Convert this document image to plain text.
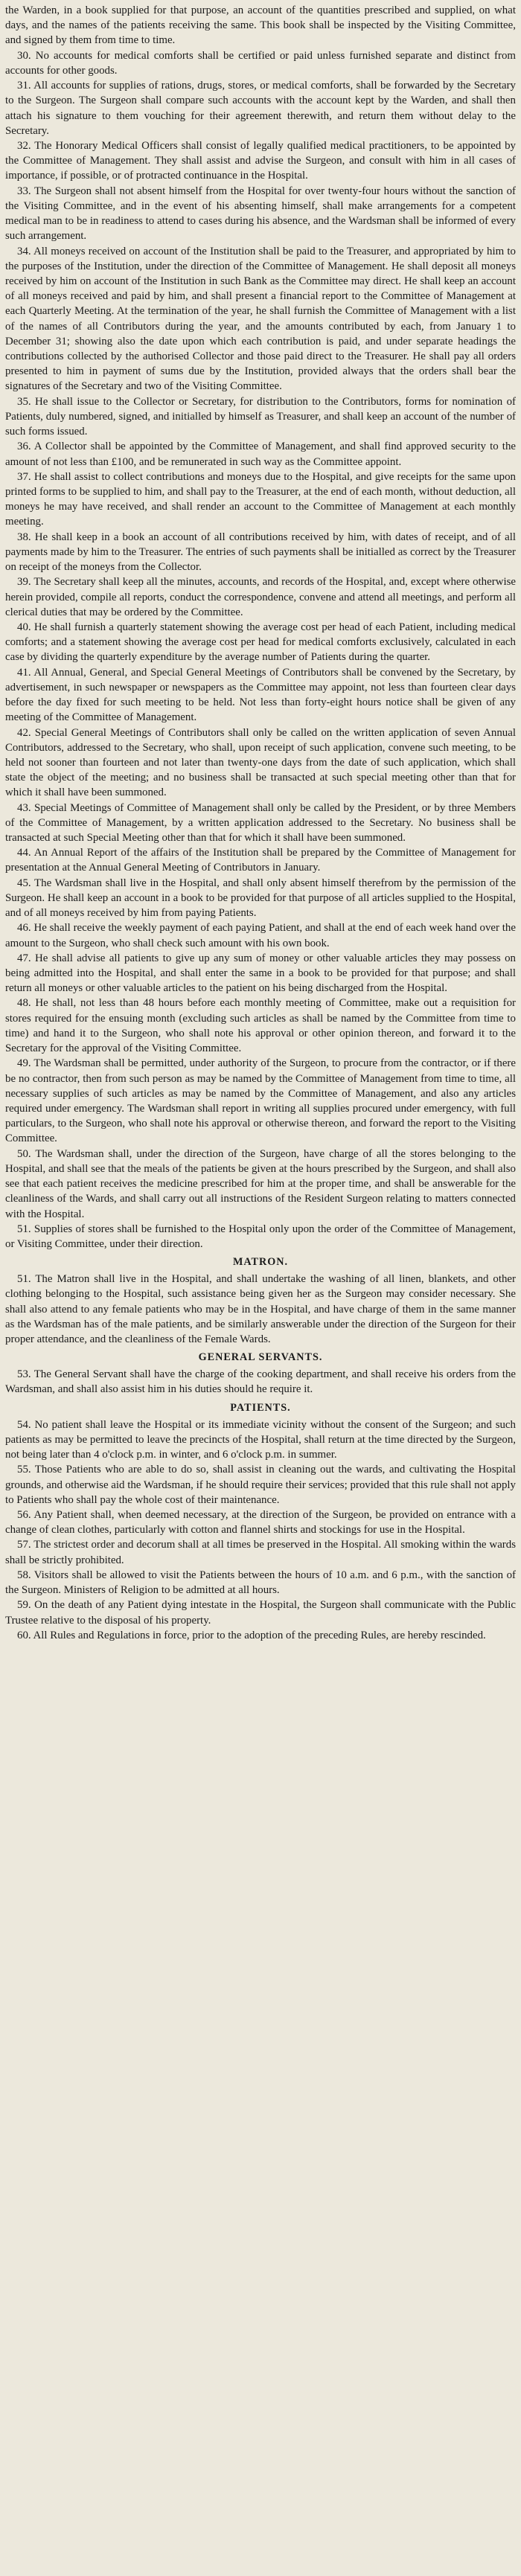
the Warden, in a book supplied for that purpose, an account of the quantities prescribed and supplied, on what days, and the names of the patients receiving the same. This book shall be inspected by the Visiting Committee, and signed by them from time to time.

30. No accounts for medical comforts shall be certified or paid unless furnished separate and distinct from accounts for other goods.

31. All accounts for supplies of rations, drugs, stores, or medical comforts, shall be forwarded by the Secretary to the Surgeon. The Surgeon shall compare such accounts with the account kept by the Warden, and shall then attach his signature to them vouching for their agreement therewith, and return them without delay to the Secretary.

32. The Honorary Medical Officers shall consist of legally qualified medical practitioners, to be appointed by the Committee of Management. They shall assist and advise the Surgeon, and consult with him in all cases of importance, if possible, or of protracted continuance in the Hospital.

33. The Surgeon shall not absent himself from the Hospital for over twenty-four hours without the sanction of the Visiting Committee, and in the event of his absenting himself, shall make arrangements for a competent medical man to be in readiness to attend to cases during his absence, and the Wardsman shall be informed of every such arrangement.

34. All moneys received on account of the Institution shall be paid to the Treasurer, and appropriated by him to the purposes of the Institution, under the direction of the Committee of Management. He shall deposit all moneys received by him on account of the Institution in such Bank as the Committee may direct. He shall keep an account of all moneys received and paid by him, and shall present a financial report to the Committee of Management at each Quarterly Meeting. At the termination of the year, he shall furnish the Committee of Management with a list of the names of all Contributors during the year, and the amounts contributed by each, from January 1 to December 31; showing also the date upon which each contribution is paid, and under separate headings the contributions collected by the authorised Collector and those paid direct to the Treasurer. He shall pay all orders presented to him in payment of sums due by the Institution, provided always that the orders shall bear the signatures of the Secretary and two of the Visiting Committee.

35. He shall issue to the Collector or Secretary, for distribution to the Contributors, forms for nomination of Patients, duly numbered, signed, and initialled by himself as Treasurer, and shall keep an account of the number of such forms issued.

36. A Collector shall be appointed by the Committee of Management, and shall find approved security to the amount of not less than £100, and be remunerated in such way as the Committee appoint.

37. He shall assist to collect contributions and moneys due to the Hospital, and give receipts for the same upon printed forms to be supplied to him, and shall pay to the Treasurer, at the end of each month, without deduction, all moneys he may have received, and shall render an account to the Committee of Management at each monthly meeting.

38. He shall keep in a book an account of all contributions received by him, with dates of receipt, and of all payments made by him to the Treasurer. The entries of such payments shall be initialled as correct by the Treasurer on receipt of the moneys from the Collector.

39. The Secretary shall keep all the minutes, accounts, and records of the Hospital, and, except where otherwise herein provided, compile all reports, conduct the correspondence, convene and attend all meetings, and perform all clerical duties that may be ordered by the Committee.

40. He shall furnish a quarterly statement showing the average cost per head of each Patient, including medical comforts; and a statement showing the average cost per head for medical comforts exclusively, calculated in each case by dividing the quarterly expenditure by the average number of Patients during the quarter.

41. All Annual, General, and Special General Meetings of Contributors shall be convened by the Secretary, by advertisement, in such newspaper or newspapers as the Committee may appoint, not less than fourteen clear days before the day fixed for such meeting to be held. Not less than forty-eight hours notice shall be given of any meeting of the Committee of Management.

42. Special General Meetings of Contributors shall only be called on the written application of seven Annual Contributors, addressed to the Secretary, who shall, upon receipt of such application, convene such meeting, to be held not sooner than fourteen and not later than twenty-one days from the date of such application, which shall state the object of the meeting; and no business shall be transacted at such special meeting other than that for which it shall have been summoned.

43. Special Meetings of Committee of Management shall only be called by the President, or by three Members of the Committee of Management, by a written application addressed to the Secretary. No business shall be transacted at such Special Meeting other than that for which it shall have been summoned.

44. An Annual Report of the affairs of the Institution shall be prepared by the Committee of Management for presentation at the Annual General Meeting of Contributors in January.

45. The Wardsman shall live in the Hospital, and shall only absent himself therefrom by the permission of the Surgeon. He shall keep an account in a book to be provided for that purpose of all articles supplied to the Hospital, and of all moneys received by him from paying Patients.

46. He shall receive the weekly payment of each paying Patient, and shall at the end of each week hand over the amount to the Surgeon, who shall check such amount with his own book.

47. He shall advise all patients to give up any sum of money or other valuable articles they may possess on being admitted into the Hospital, and shall enter the same in a book to be provided for that purpose; and shall return all moneys or other valuable articles to the patient on his being discharged from the Hospital.

48. He shall, not less than 48 hours before each monthly meeting of Committee, make out a requisition for stores required for the ensuing month (excluding such articles as shall be named by the Committee from time to time) and hand it to the Surgeon, who shall note his approval or other opinion thereon, and forward it to the Secretary for the approval of the Visiting Committee.

49. The Wardsman shall be permitted, under authority of the Surgeon, to procure from the contractor, or if there be no contractor, then from such person as may be named by the Committee of Management from time to time, all necessary supplies of such articles as may be named by the Committee of Management, and also any articles required under emergency. The Wardsman shall report in writing all supplies procured under emergency, with full particulars, to the Surgeon, who shall note his approval or otherwise thereon, and forward the report to the Visiting Committee.

50. The Wardsman shall, under the direction of the Surgeon, have charge of all the stores belonging to the Hospital, and shall see that the meals of the patients be given at the hours prescribed by the Surgeon, and shall also see that each patient receives the medicine prescribed for him at the proper time, and shall be answerable for the cleanliness of the Wards, and shall carry out all instructions of the Resident Surgeon relating to matters connected with the Hospital.

51. Supplies of stores shall be furnished to the Hospital only upon the order of the Committee of Management, or Visiting Committee, under their direction.

MATRON.

51. The Matron shall live in the Hospital, and shall undertake the washing of all linen, blankets, and other clothing belonging to the Hospital, such assistance being given her as the Surgeon may consider necessary. She shall also attend to any female patients who may be in the Hospital, and have charge of them in the same manner as the Wardsman has of the male patients, and be similarly answerable under the direction of the Surgeon for their proper attendance, and the cleanliness of the Female Wards.

GENERAL SERVANTS.

53. The General Servant shall have the charge of the cooking department, and shall receive his orders from the Wardsman, and shall also assist him in his duties should he require it.

PATIENTS.

54. No patient shall leave the Hospital or its immediate vicinity without the consent of the Surgeon; and such patients as may be permitted to leave the precincts of the Hospital, shall return at the time directed by the Surgeon, not being later than 4 o'clock p.m. in winter, and 6 o'clock p.m. in summer.

55. Those Patients who are able to do so, shall assist in cleaning out the wards, and cultivating the Hospital grounds, and otherwise aid the Wardsman, if he should require their services; provided that this rule shall not apply to Patients who shall pay the whole cost of their maintenance.

56. Any Patient shall, when deemed necessary, at the direction of the Surgeon, be provided on entrance with a change of clean clothes, particularly with cotton and flannel shirts and stockings for use in the Hospital.

57. The strictest order and decorum shall at all times be preserved in the Hospital. All smoking within the wards shall be strictly prohibited.

58. Visitors shall be allowed to visit the Patients between the hours of 10 a.m. and 6 p.m., with the sanction of the Surgeon. Ministers of Religion to be admitted at all hours.

59. On the death of any Patient dying intestate in the Hospital, the Surgeon shall communicate with the Public Trustee relative to the disposal of his property.

60. All Rules and Regulations in force, prior to the adoption of the preceding Rules, are hereby rescinded.
